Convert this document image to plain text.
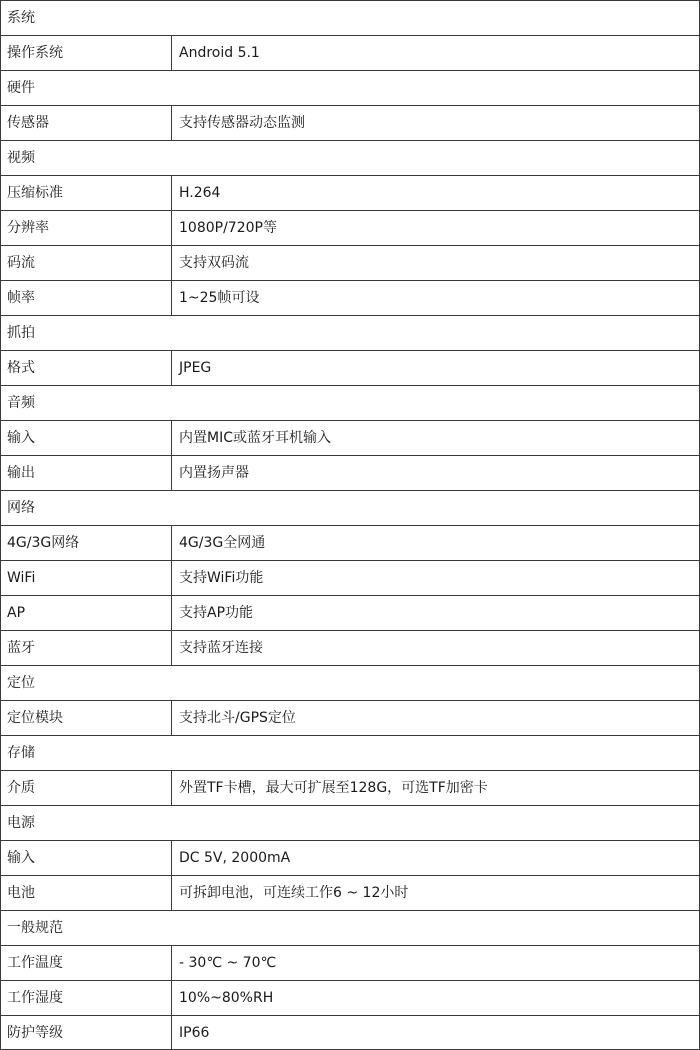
系统	
操作系统	Android 5.1
硬件	
传感器	支持传感器动态监测
视频	
压缩标准	H.264
分辨率	1080P/720P等
码流	支持双码流
帧率	1~25帧可设
抓拍	
格式	JPEG
音频	
输入	内置MIC或蓝牙耳机输入
输出	内置扬声器
网络	
4G/3G网络	4G/3G全网通
WiFi	支持WiFi功能
AP	支持AP功能
蓝牙	支持蓝牙连接
定位	
定位模块	支持北斗/GPS定位
存储	
介质	外置TF卡槽，最大可扩展至128G，可选TF加密卡
电源	
输入	DC 5V, 2000mA
电池	可拆卸电池，可连续工作6 ~ 12小时
一般规范	
工作温度	- 30℃ ~ 70℃
工作湿度	10%~80%RH
防护等级	IP66
